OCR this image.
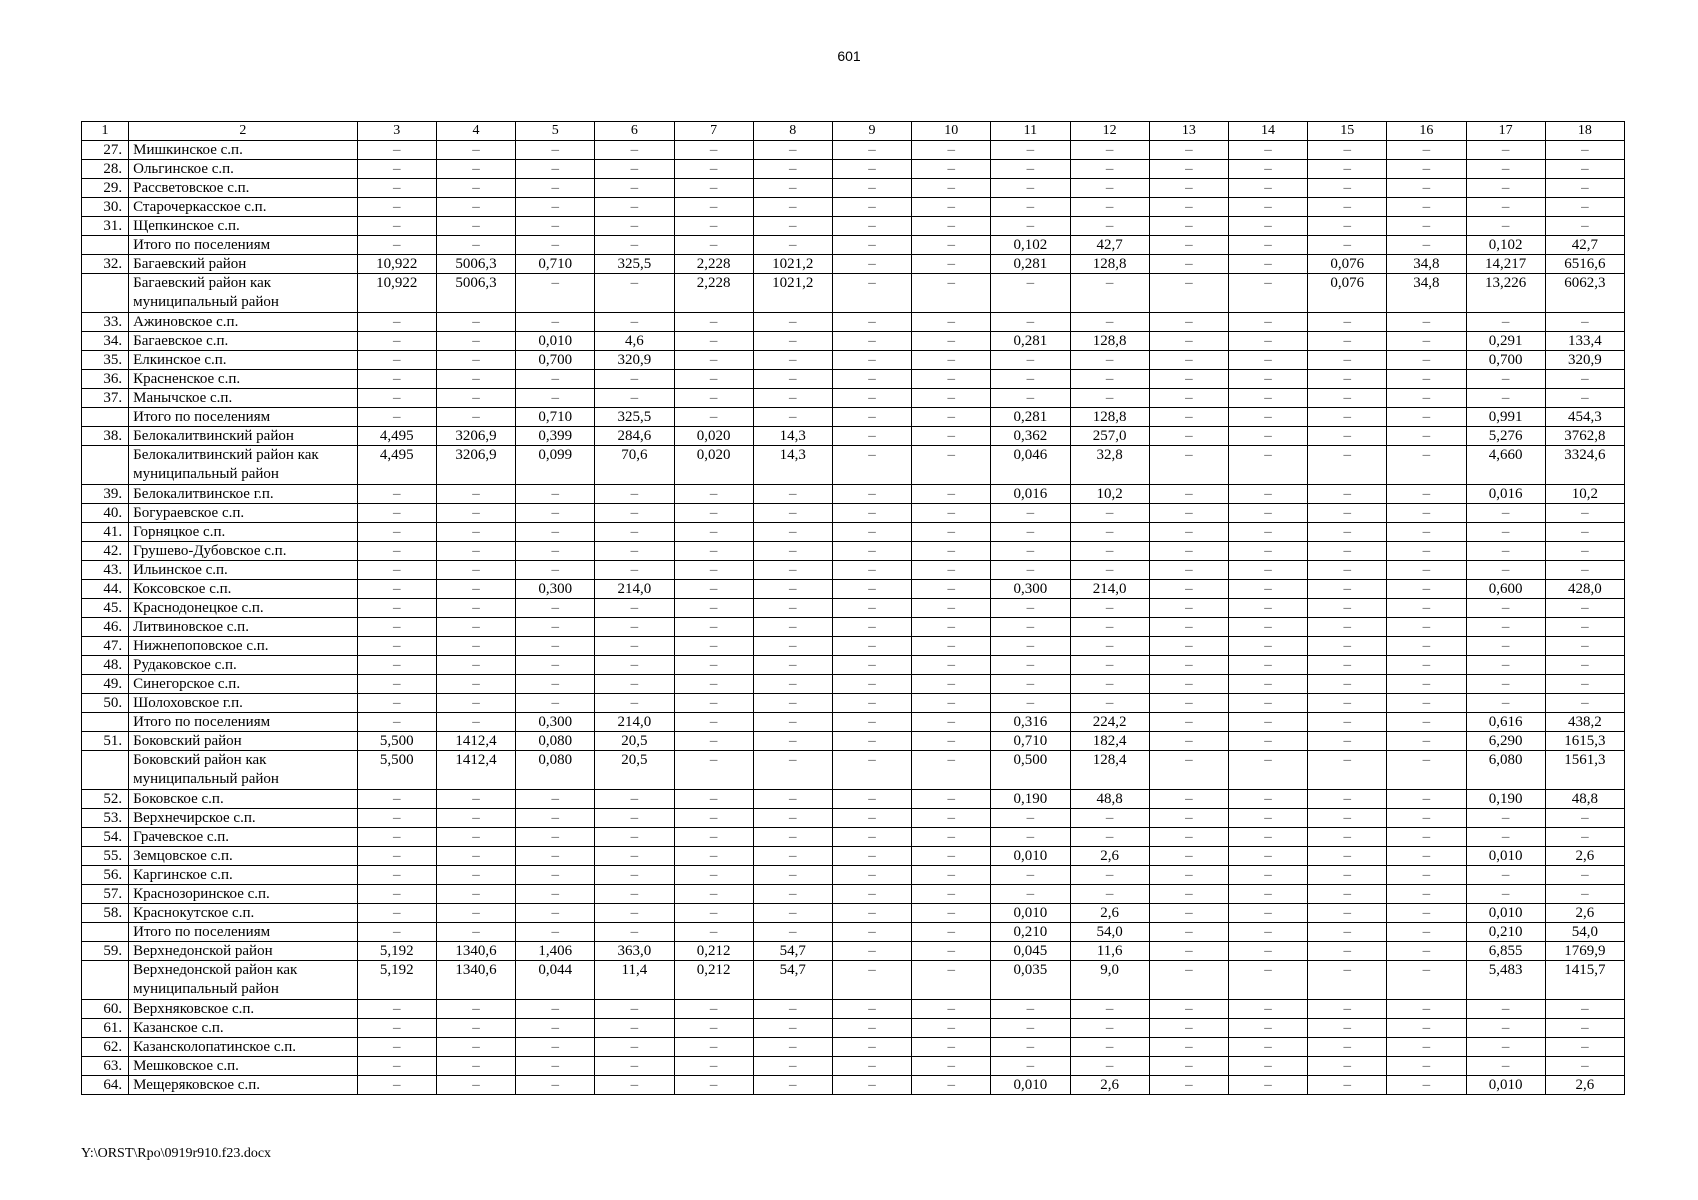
601
1	2	3	4	5	6	7	8	9	10	11	12	13	14	15	16	17	18
27.	Мишкинское с.п.	–	–	–	–	–	–	–	–	–	–	–	–	–	–	–	–
28.	Ольгинское с.п.	–	–	–	–	–	–	–	–	–	–	–	–	–	–	–	–
29.	Рассветовское с.п.	–	–	–	–	–	–	–	–	–	–	–	–	–	–	–	–
30.	Старочеркасское с.п.	–	–	–	–	–	–	–	–	–	–	–	–	–	–	–	–
31.	Щепкинское с.п.	–	–	–	–	–	–	–	–	–	–	–	–	–	–	–	–
	Итого по поселениям	–	–	–	–	–	–	–	–	0,102	42,7	–	–	–	–	0,102	42,7
32.	Багаевский район	10,922	5006,3	0,710	325,5	2,228	1021,2	–	–	0,281	128,8	–	–	0,076	34,8	14,217	6516,6
	Багаевский район как муниципальный район	10,922	5006,3	–	–	2,228	1021,2	–	–	–	–	–	–	0,076	34,8	13,226	6062,3
33.	Ажиновское с.п.	–	–	–	–	–	–	–	–	–	–	–	–	–	–	–	–
34.	Багаевское с.п.	–	–	0,010	4,6	–	–	–	–	0,281	128,8	–	–	–	–	0,291	133,4
35.	Елкинское с.п.	–	–	0,700	320,9	–	–	–	–	–	–	–	–	–	–	0,700	320,9
36.	Красненское с.п.	–	–	–	–	–	–	–	–	–	–	–	–	–	–	–	–
37.	Манычское с.п.	–	–	–	–	–	–	–	–	–	–	–	–	–	–	–	–
	Итого по поселениям	–	–	0,710	325,5	–	–	–	–	0,281	128,8	–	–	–	–	0,991	454,3
38.	Белокалитвинский район	4,495	3206,9	0,399	284,6	0,020	14,3	–	–	0,362	257,0	–	–	–	–	5,276	3762,8
	Белокалитвинский район как муниципальный район	4,495	3206,9	0,099	70,6	0,020	14,3	–	–	0,046	32,8	–	–	–	–	4,660	3324,6
39.	Белокалитвинское г.п.	–	–	–	–	–	–	–	–	0,016	10,2	–	–	–	–	0,016	10,2
40.	Богураевское с.п.	–	–	–	–	–	–	–	–	–	–	–	–	–	–	–	–
41.	Горняцкое с.п.	–	–	–	–	–	–	–	–	–	–	–	–	–	–	–	–
42.	Грушево-Дубовское с.п.	–	–	–	–	–	–	–	–	–	–	–	–	–	–	–	–
43.	Ильинское с.п.	–	–	–	–	–	–	–	–	–	–	–	–	–	–	–	–
44.	Коксовское с.п.	–	–	0,300	214,0	–	–	–	–	0,300	214,0	–	–	–	–	0,600	428,0
45.	Краснодонецкое с.п.	–	–	–	–	–	–	–	–	–	–	–	–	–	–	–	–
46.	Литвиновское с.п.	–	–	–	–	–	–	–	–	–	–	–	–	–	–	–	–
47.	Нижнепоповское с.п.	–	–	–	–	–	–	–	–	–	–	–	–	–	–	–	–
48.	Рудаковское с.п.	–	–	–	–	–	–	–	–	–	–	–	–	–	–	–	–
49.	Синегорское с.п.	–	–	–	–	–	–	–	–	–	–	–	–	–	–	–	–
50.	Шолоховское г.п.	–	–	–	–	–	–	–	–	–	–	–	–	–	–	–	–
	Итого по поселениям	–	–	0,300	214,0	–	–	–	–	0,316	224,2	–	–	–	–	0,616	438,2
51.	Боковский район	5,500	1412,4	0,080	20,5	–	–	–	–	0,710	182,4	–	–	–	–	6,290	1615,3
	Боковский район как муниципальный район	5,500	1412,4	0,080	20,5	–	–	–	–	0,500	128,4	–	–	–	–	6,080	1561,3
52.	Боковское с.п.	–	–	–	–	–	–	–	–	0,190	48,8	–	–	–	–	0,190	48,8
53.	Верхнечирское с.п.	–	–	–	–	–	–	–	–	–	–	–	–	–	–	–	–
54.	Грачевское с.п.	–	–	–	–	–	–	–	–	–	–	–	–	–	–	–	–
55.	Земцовское с.п.	–	–	–	–	–	–	–	–	0,010	2,6	–	–	–	–	0,010	2,6
56.	Каргинское с.п.	–	–	–	–	–	–	–	–	–	–	–	–	–	–	–	–
57.	Краснозоринское с.п.	–	–	–	–	–	–	–	–	–	–	–	–	–	–	–	–
58.	Краснокутское с.п.	–	–	–	–	–	–	–	–	0,010	2,6	–	–	–	–	0,010	2,6
	Итого по поселениям	–	–	–	–	–	–	–	–	0,210	54,0	–	–	–	–	0,210	54,0
59.	Верхнедонской район	5,192	1340,6	1,406	363,0	0,212	54,7	–	–	0,045	11,6	–	–	–	–	6,855	1769,9
	Верхнедонской район как муниципальный район	5,192	1340,6	0,044	11,4	0,212	54,7	–	–	0,035	9,0	–	–	–	–	5,483	1415,7
60.	Верхняковское с.п.	–	–	–	–	–	–	–	–	–	–	–	–	–	–	–	–
61.	Казанское с.п.	–	–	–	–	–	–	–	–	–	–	–	–	–	–	–	–
62.	Казансколопатинское с.п.	–	–	–	–	–	–	–	–	–	–	–	–	–	–	–	–
63.	Мешковское с.п.	–	–	–	–	–	–	–	–	–	–	–	–	–	–	–	–
64.	Мещеряковское с.п.	–	–	–	–	–	–	–	–	0,010	2,6	–	–	–	–	0,010	2,6
Y:\ORST\Rpo\0919r910.f23.docx
